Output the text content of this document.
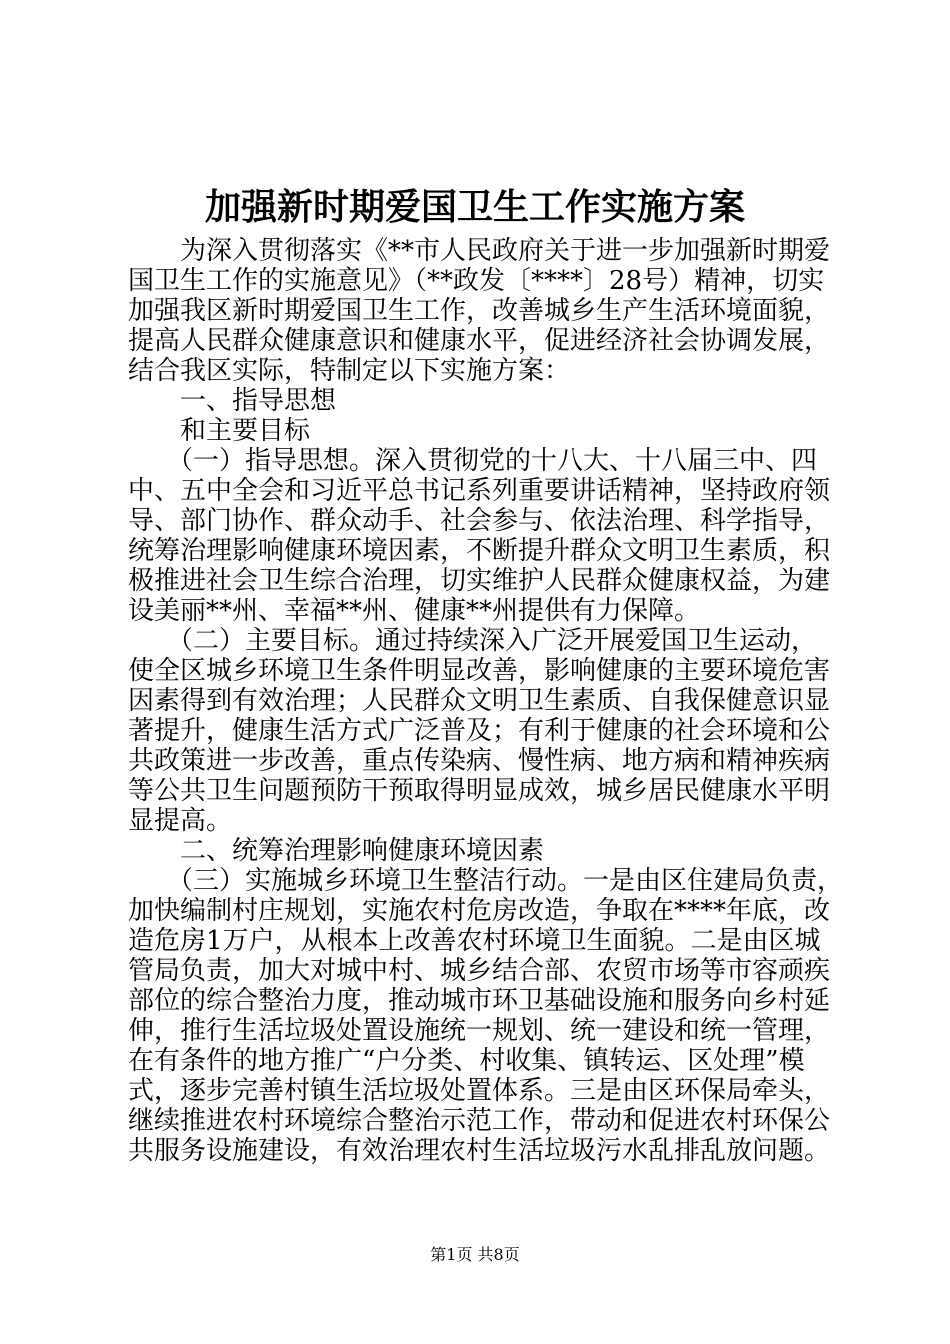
加强新时期爱国卫生工作实施方案
　　为深入贯彻落实《**市人民政府关于进一步加强新时期爱
国卫生工作的实施意见》（**政发〔****〕28号）精神，切实
加强我区新时期爱国卫生工作，改善城乡生产生活环境面貌，
提高人民群众健康意识和健康水平，促进经济社会协调发展，
结合我区实际，特制定以下实施方案：
　　一、指导思想
　　和主要目标
　　（一）指导思想。深入贯彻党的十八大、十八届三中、四
中、五中全会和习近平总书记系列重要讲话精神，坚持政府领
导、部门协作、群众动手、社会参与、依法治理、科学指导，
统筹治理影响健康环境因素，不断提升群众文明卫生素质，积
极推进社会卫生综合治理，切实维护人民群众健康权益，为建
设美丽**州、幸福**州、健康**州提供有力保障。
　　（二）主要目标。通过持续深入广泛开展爱国卫生运动，
使全区城乡环境卫生条件明显改善，影响健康的主要环境危害
因素得到有效治理；人民群众文明卫生素质、自我保健意识显
著提升，健康生活方式广泛普及；有利于健康的社会环境和公
共政策进一步改善，重点传染病、慢性病、地方病和精神疾病
等公共卫生问题预防干预取得明显成效，城乡居民健康水平明
显提高。
　　二、统筹治理影响健康环境因素
　　（三）实施城乡环境卫生整洁行动。一是由区住建局负责，
加快编制村庄规划，实施农村危房改造，争取在****年底，改
造危房1万户，从根本上改善农村环境卫生面貌。二是由区城
管局负责，加大对城中村、城乡结合部、农贸市场等市容顽疾
部位的综合整治力度，推动城市环卫基础设施和服务向乡村延
伸，推行生活垃圾处置设施统一规划、统一建设和统一管理，
在有条件的地方推广“户分类、村收集、镇转运、区处理”模
式，逐步完善村镇生活垃圾处置体系。三是由区环保局牵头，
继续推进农村环境综合整治示范工作，带动和促进农村环保公
共服务设施建设，有效治理农村生活垃圾污水乱排乱放问题。
第1页 共8页
